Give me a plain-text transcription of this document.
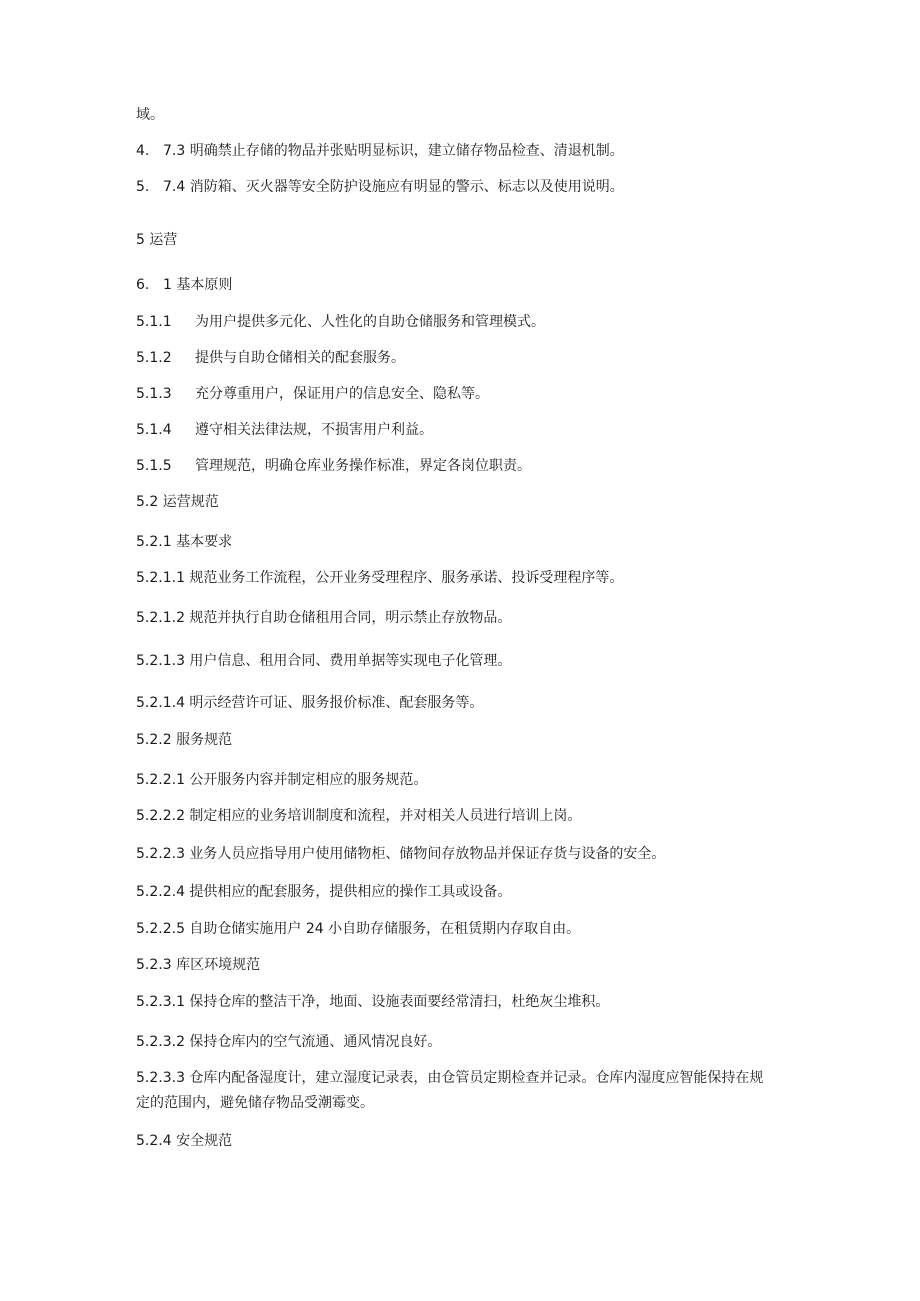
域。
4. 7.3 明确禁止存储的物品并张贴明显标识，建立储存物品检查、清退机制。
5. 7.4 消防箱、灭火器等安全防护设施应有明显的警示、标志以及使用说明。
5 运营
6. 1 基本原则
5.1.1 为用户提供多元化、人性化的自助仓储服务和管理模式。
5.1.2 提供与自助仓储相关的配套服务。
5.1.3 充分尊重用户，保证用户的信息安全、隐私等。
5.1.4 遵守相关法律法规，不损害用户利益。
5.1.5 管理规范，明确仓库业务操作标准，界定各岗位职责。
5.2 运营规范
5.2.1 基本要求
5.2.1.1 规范业务工作流程，公开业务受理程序、服务承诺、投诉受理程序等。
5.2.1.2 规范并执行自助仓储租用合同，明示禁止存放物品。
5.2.1.3 用户信息、租用合同、费用单据等实现电子化管理。
5.2.1.4 明示经营许可证、服务报价标准、配套服务等。
5.2.2 服务规范
5.2.2.1 公开服务内容并制定相应的服务规范。
5.2.2.2 制定相应的业务培训制度和流程，并对相关人员进行培训上岗。
5.2.2.3 业务人员应指导用户使用储物柜、储物间存放物品并保证存货与设备的安全。
5.2.2.4 提供相应的配套服务，提供相应的操作工具或设备。
5.2.2.5 自助仓储实施用户 24 小自助存储服务，在租赁期内存取自由。
5.2.3 库区环境规范
5.2.3.1 保持仓库的整洁干净，地面、设施表面要经常清扫，杜绝灰尘堆积。
5.2.3.2 保持仓库内的空气流通、通风情况良好。
5.2.3.3 仓库内配备湿度计，建立湿度记录表，由仓管员定期检查并记录。仓库内湿度应智能保持在规定的范围内，避免储存物品受潮霉变。
5.2.4 安全规范
